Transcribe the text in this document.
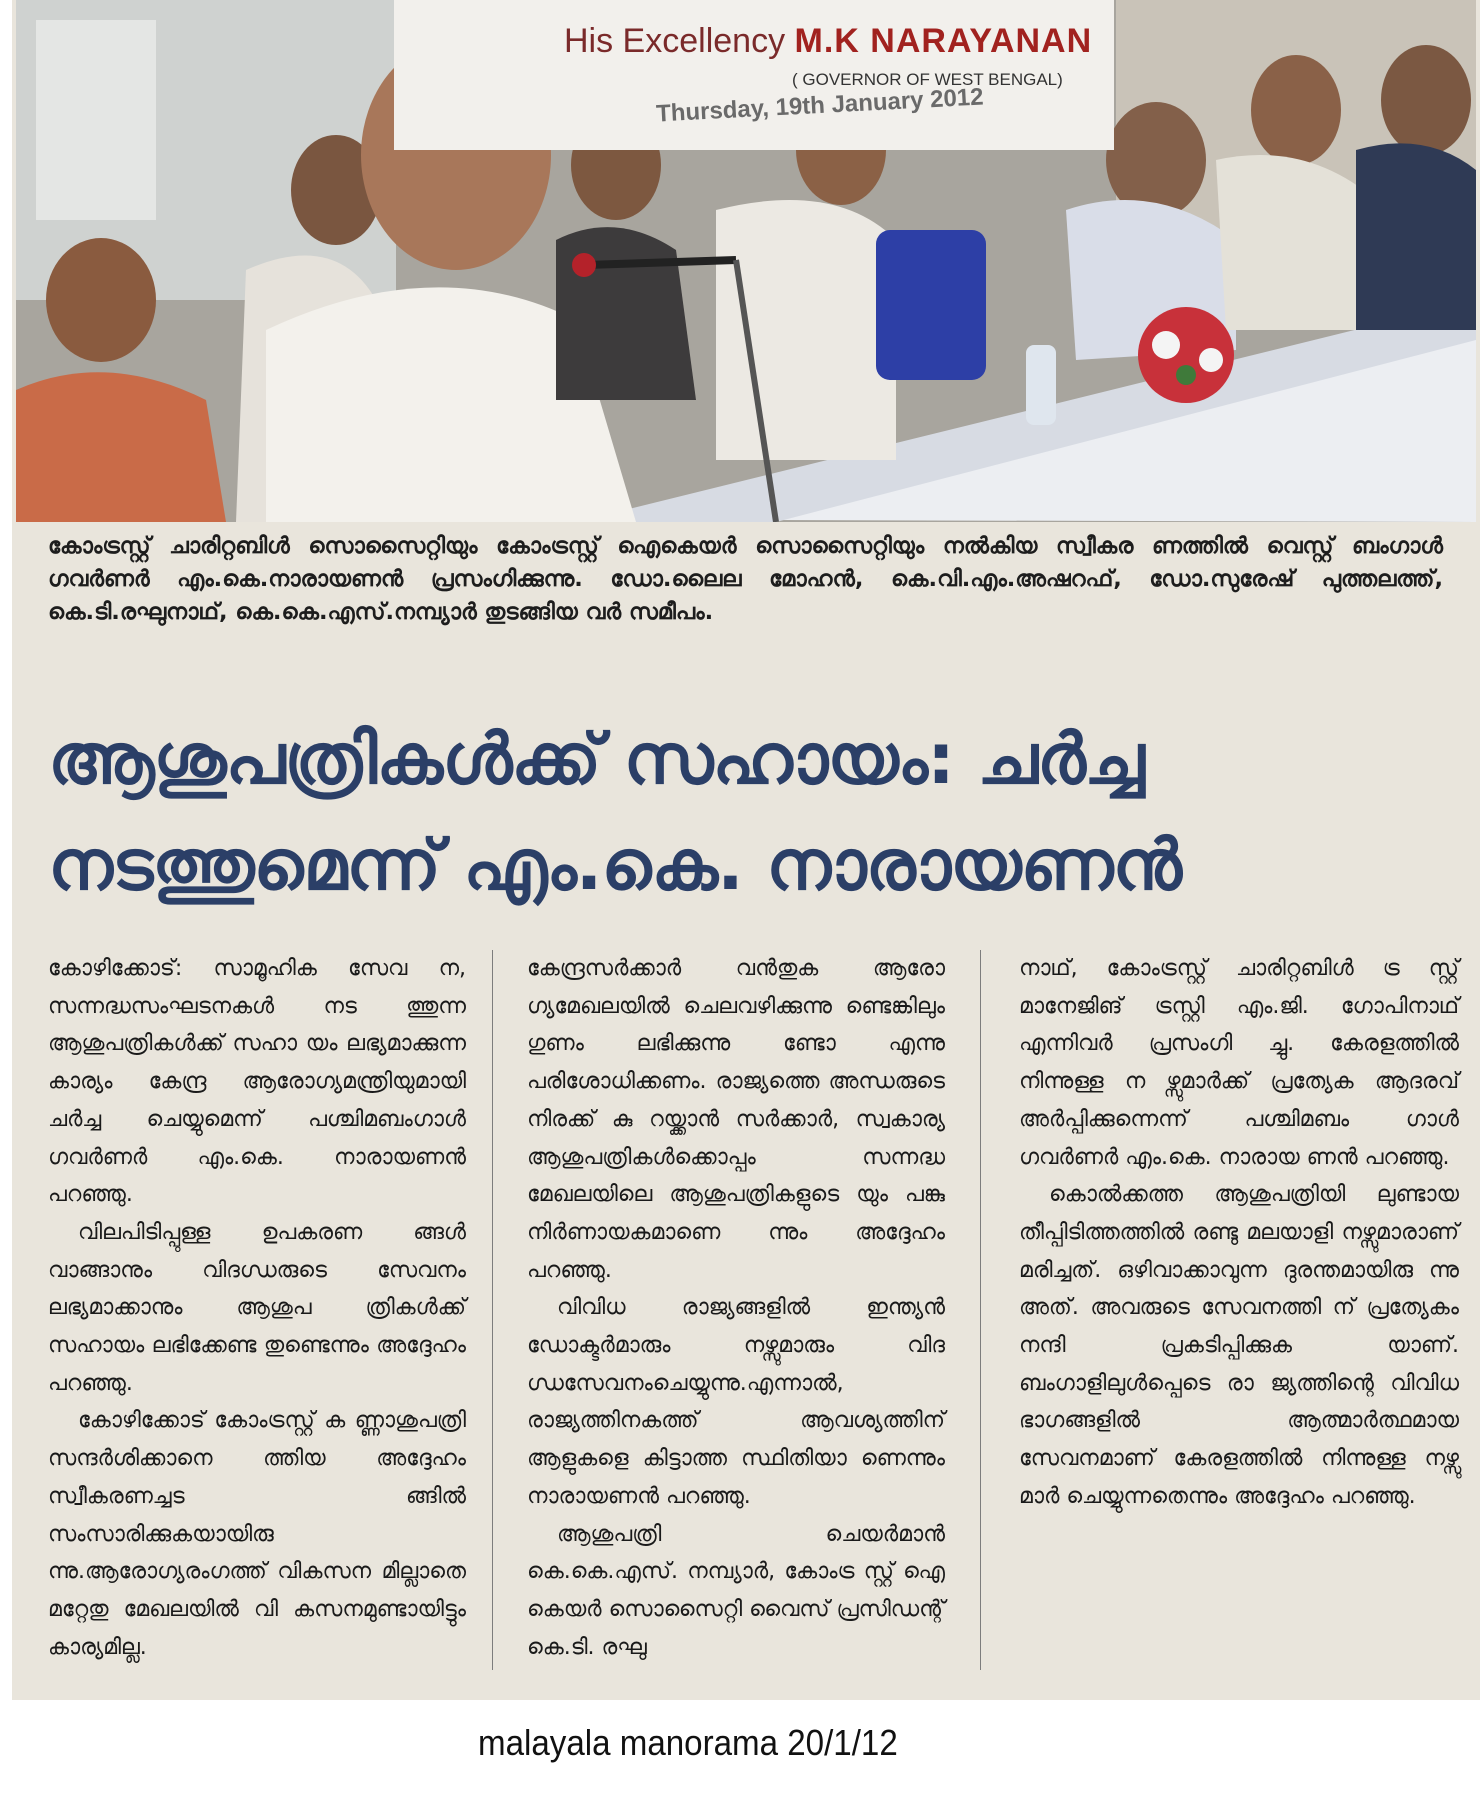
His Excellency M.K NARAYANAN
( GOVERNOR OF WEST BENGAL)
Thursday, 19th January 2012
കോംട്രസ്റ്റ് ചാരിറ്റബിൾ സൊസൈറ്റിയും കോംട്രസ്റ്റ് ഐകെയർ സൊസൈറ്റിയും നൽകിയ സ്വീകര ണത്തിൽ വെസ്റ്റ് ബംഗാൾ ഗവർണർ എം.കെ.നാരായണൻ പ്രസംഗിക്കുന്നു. ഡോ.ലൈല മോഹൻ, കെ.വി.എം.അഷറഫ്, ഡോ.സുരേഷ് പുത്തലത്ത്, കെ.ടി.രഘുനാഥ്, കെ.കെ.എസ്.നമ്പ്യാർ തുടങ്ങിയ വർ സമീപം.
ആശുപത്രികൾക്ക് സഹായം: ചർച്ച
നടത്തുമെന്ന് എം.കെ. നാരായണൻ

കോഴിക്കോട്: സാമൂഹിക സേവ ന, സന്നദ്ധസംഘടനകൾ നട ത്തുന്ന ആശുപത്രികൾക്ക് സഹാ യം ലഭ്യമാക്കുന്ന കാര്യം കേന്ദ്ര ആരോഗ്യമന്ത്രിയുമായി ചർച്ച ചെയ്യുമെന്ന് പശ്ചിമബംഗാൾ ഗവർണർ എം.കെ. നാരായണൻ പറഞ്ഞു.

വിലപിടിപ്പുള്ള ഉപകരണ ങ്ങൾ വാങ്ങാനും വിദഗ്ധരുടെ സേവനം ലഭ്യമാക്കാനും ആശുപ ത്രികൾക്ക് സഹായം ലഭിക്കേണ്ട തുണ്ടെന്നും അദ്ദേഹം പറഞ്ഞു.

കോഴിക്കോട് കോംട്രസ്റ്റ് ക ണ്ണാശുപത്രി സന്ദർശിക്കാനെ ത്തിയ അദ്ദേഹം സ്വീകരണച്ചട ങ്ങിൽ സംസാരിക്കുകയായിരു ന്നു.ആരോഗ്യരംഗത്ത് വികസന മില്ലാതെ മറ്റേതു മേഖലയിൽ വി കസനമുണ്ടായിട്ടും കാര്യമില്ല.

കേന്ദ്രസർക്കാർ വൻതുക ആരോ ഗ്യമേഖലയിൽ ചെലവഴിക്കുന്നു ണ്ടെങ്കിലും ഗുണം ലഭിക്കുന്നു ണ്ടോ എന്നു പരിശോധിക്കണം. രാജ്യത്തെ അന്ധരുടെ നിരക്ക് കു റയ്ക്കാൻ സർക്കാർ, സ്വകാര്യ ആശുപത്രികൾക്കൊപ്പം സന്നദ്ധ മേഖലയിലെ ആശുപത്രികളുടെ യും പങ്കു നിർണായകമാണെ ന്നും അദ്ദേഹം പറഞ്ഞു.

വിവിധ രാജ്യങ്ങളിൽ ഇന്ത്യൻ ഡോക്ടർമാരും നഴ്സുമാരും വിദ ഗ്ധസേവനംചെയ്യുന്നു.എന്നാൽ, രാജ്യത്തിനകത്ത് ആവശ്യത്തിന് ആളുകളെ കിട്ടാത്ത സ്ഥിതിയാ ണെന്നും നാരായണൻ പറഞ്ഞു.

ആശുപത്രി ചെയർമാൻ കെ.കെ.എസ്. നമ്പ്യാർ, കോംട്ര സ്റ്റ് ഐ കെയർ സൊസൈറ്റി വൈസ് പ്രസിഡന്റ് കെ.ടി. രഘു

നാഥ്, കോംട്രസ്റ്റ് ചാരിറ്റബിൾ ട്ര സ്റ്റ് മാനേജിങ് ട്രസ്റ്റി എം.ജി. ഗോപിനാഥ് എന്നിവർ പ്രസംഗി ച്ചു. കേരളത്തിൽ നിന്നുള്ള ന ഴ്സുമാർക്ക് പ്രത്യേക ആദരവ് അർപ്പിക്കുന്നെന്ന് പശ്ചിമബം ഗാൾ ഗവർണർ എം.കെ. നാരായ ണൻ പറഞ്ഞു.

കൊൽക്കത്ത ആശുപത്രിയി ലുണ്ടായ തീപ്പിടിത്തത്തിൽ രണ്ടു മലയാളി നഴ്സുമാരാണ് മരിച്ചത്. ഒഴിവാക്കാവുന്ന ദുരന്തമായിരു ന്നു അത്. അവരുടെ സേവനത്തി ന് പ്രത്യേകം നന്ദി പ്രകടിപ്പിക്കുക യാണ്. ബംഗാളിലുൾപ്പെടെ രാ ജ്യത്തിന്റെ വിവിധ ഭാഗങ്ങളിൽ ആത്മാർത്ഥമായ സേവനമാണ് കേരളത്തിൽ നിന്നുള്ള നഴ്സു മാർ ചെയ്യുന്നതെന്നും അദ്ദേഹം പറഞ്ഞു.

malayala manorama 20/1/12
